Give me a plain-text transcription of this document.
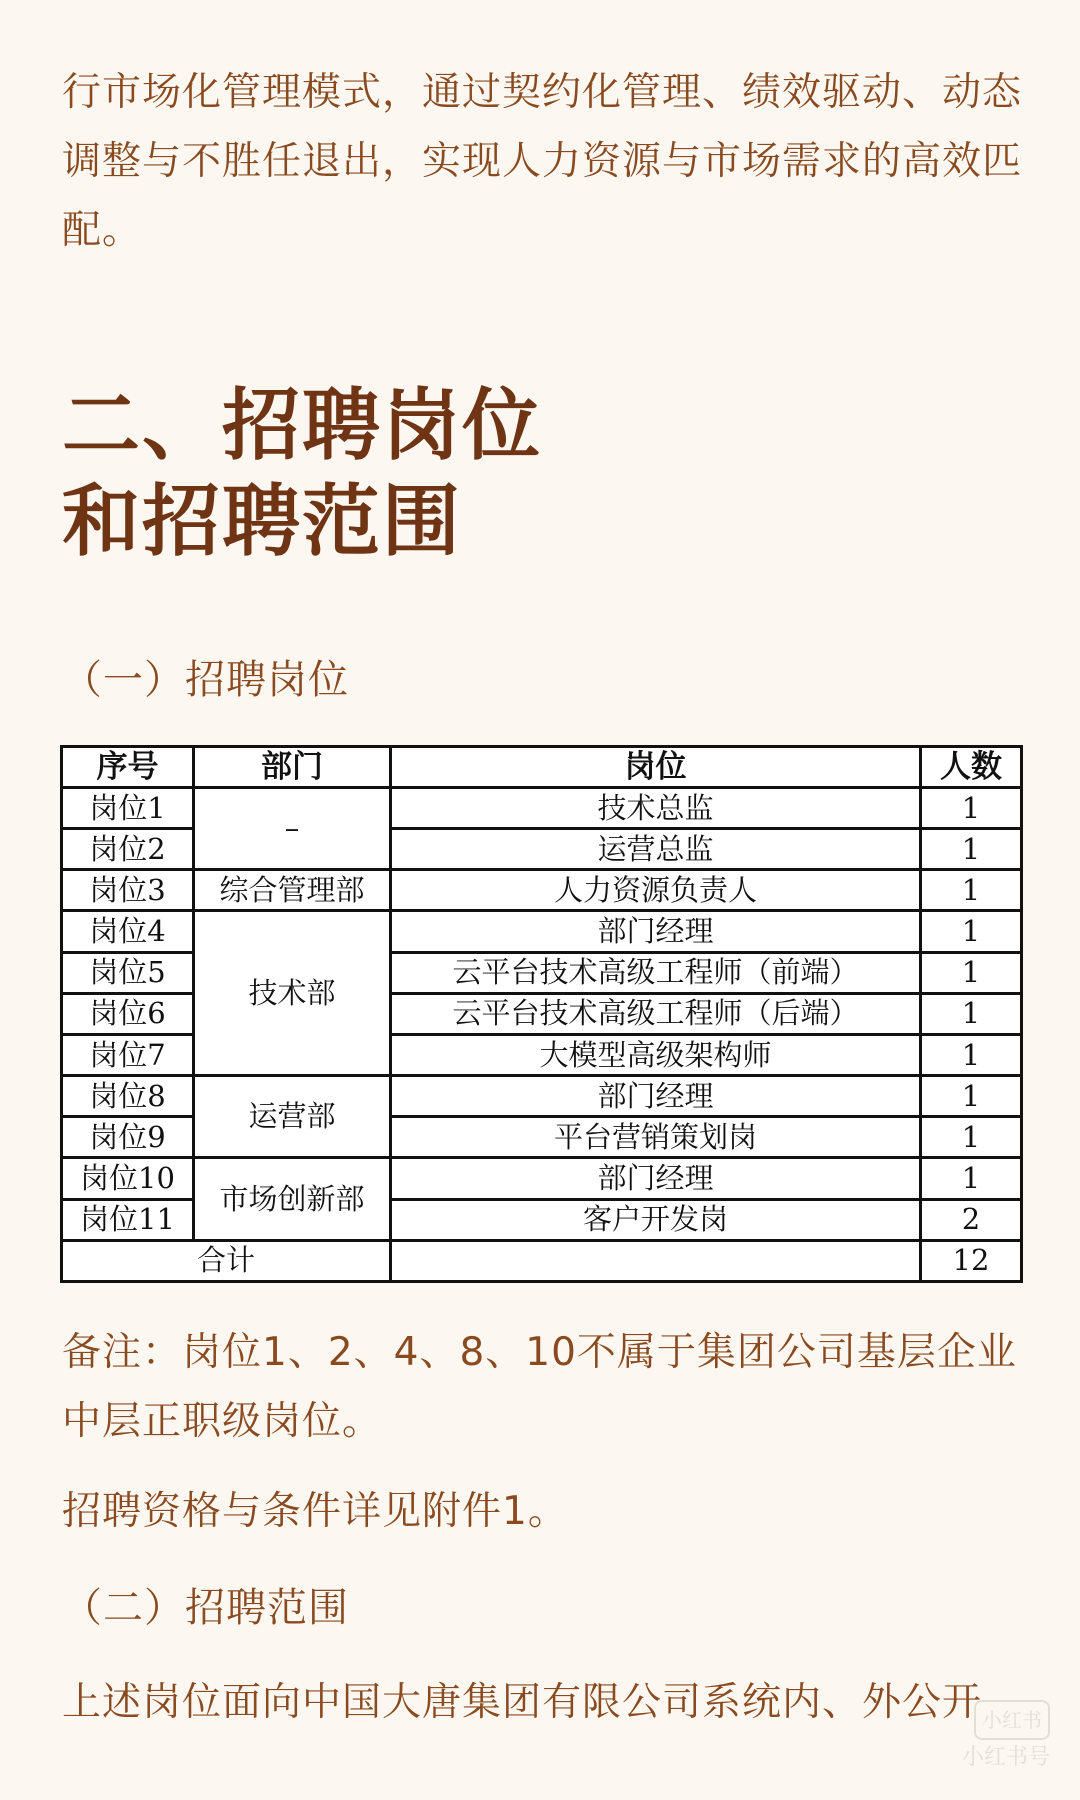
行市场化管理模式，通过契约化管理、绩效驱动、动态调整与不胜任退出，实现人力资源与市场需求的高效匹配。
二、招聘岗位
和招聘范围
（一）招聘岗位
序号	部门	岗位	人数
岗位1	–	技术总监	1
岗位2		运营总监	1
岗位3	综合管理部	人力资源负责人	1
岗位4	技术部	部门经理	1
岗位5		云平台技术高级工程师（前端）	1
岗位6		云平台技术高级工程师（后端）	1
岗位7		大模型高级架构师	1
岗位8	运营部	部门经理	1
岗位9		平台营销策划岗	1
岗位10	市场创新部	部门经理	1
岗位11		客户开发岗	2
合计			12
备注：岗位1、2、4、8、10不属于集团公司基层企业中层正职级岗位。
招聘资格与条件详见附件1。
（二）招聘范围
上述岗位面向中国大唐集团有限公司系统内、外公开 小红书
小红书号
